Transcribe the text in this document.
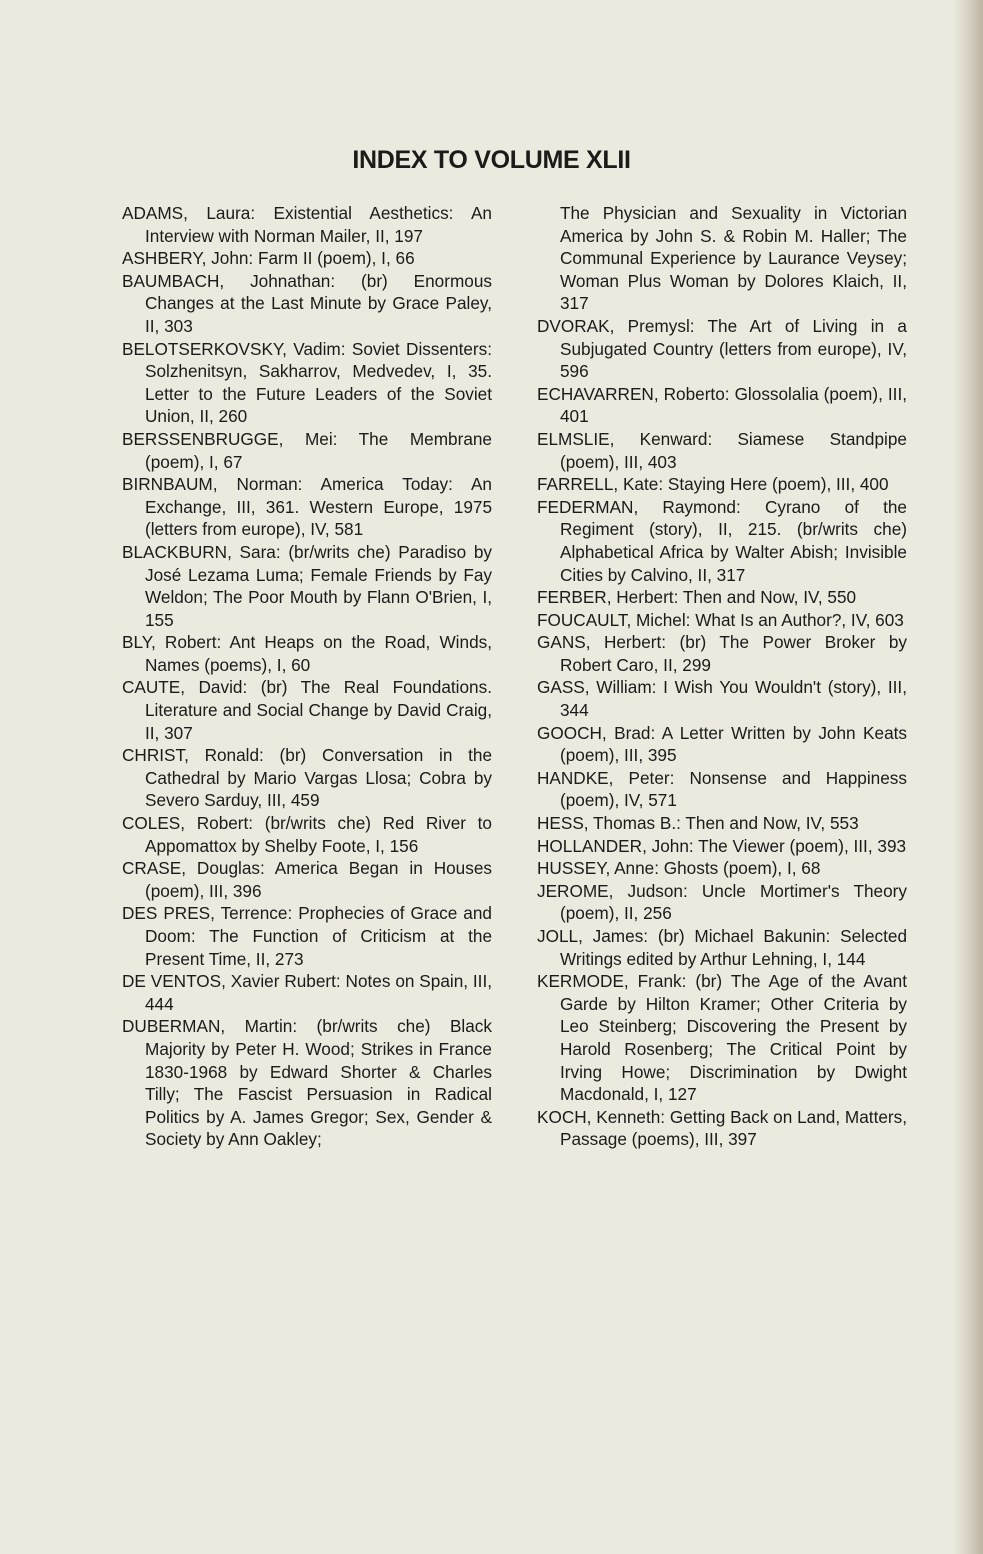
INDEX TO VOLUME XLII
ADAMS, Laura: Existential Aesthetics: An Interview with Norman Mailer, II, 197
ASHBERY, John: Farm II (poem), I, 66
BAUMBACH, Johnathan: (br) Enormous Changes at the Last Minute by Grace Paley, II, 303
BELOTSERKOVSKY, Vadim: Soviet Dissenters: Solzhenitsyn, Sakharrov, Medvedev, I, 35. Letter to the Future Leaders of the Soviet Union, II, 260
BERSSENBRUGGE, Mei: The Membrane (poem), I, 67
BIRNBAUM, Norman: America Today: An Exchange, III, 361. Western Europe, 1975 (letters from europe), IV, 581
BLACKBURN, Sara: (br/writs che) Paradiso by José Lezama Luma; Female Friends by Fay Weldon; The Poor Mouth by Flann O'Brien, I, 155
BLY, Robert: Ant Heaps on the Road, Winds, Names (poems), I, 60
CAUTE, David: (br) The Real Foundations. Literature and Social Change by David Craig, II, 307
CHRIST, Ronald: (br) Conversation in the Cathedral by Mario Vargas Llosa; Cobra by Severo Sarduy, III, 459
COLES, Robert: (br/writs che) Red River to Appomattox by Shelby Foote, I, 156
CRASE, Douglas: America Began in Houses (poem), III, 396
DES PRES, Terrence: Prophecies of Grace and Doom: The Function of Criticism at the Present Time, II, 273
DE VENTOS, Xavier Rubert: Notes on Spain, III, 444
DUBERMAN, Martin: (br/writs che) Black Majority by Peter H. Wood; Strikes in France 1830-1968 by Edward Shorter & Charles Tilly; The Fascist Persuasion in Radical Politics by A. James Gregor; Sex, Gender & Society by Ann Oakley;
The Physician and Sexuality in Victorian America by John S. & Robin M. Haller; The Communal Experience by Laurance Veysey; Woman Plus Woman by Dolores Klaich, II, 317
DVORAK, Premysl: The Art of Living in a Subjugated Country (letters from europe), IV, 596
ECHAVARREN, Roberto: Glossolalia (poem), III, 401
ELMSLIE, Kenward: Siamese Standpipe (poem), III, 403
FARRELL, Kate: Staying Here (poem), III, 400
FEDERMAN, Raymond: Cyrano of the Regiment (story), II, 215. (br/writs che) Alphabetical Africa by Walter Abish; Invisible Cities by Calvino, II, 317
FERBER, Herbert: Then and Now, IV, 550
FOUCAULT, Michel: What Is an Author?, IV, 603
GANS, Herbert: (br) The Power Broker by Robert Caro, II, 299
GASS, William: I Wish You Wouldn't (story), III, 344
GOOCH, Brad: A Letter Written by John Keats (poem), III, 395
HANDKE, Peter: Nonsense and Happiness (poem), IV, 571
HESS, Thomas B.: Then and Now, IV, 553
HOLLANDER, John: The Viewer (poem), III, 393
HUSSEY, Anne: Ghosts (poem), I, 68
JEROME, Judson: Uncle Mortimer's Theory (poem), II, 256
JOLL, James: (br) Michael Bakunin: Selected Writings edited by Arthur Lehning, I, 144
KERMODE, Frank: (br) The Age of the Avant Garde by Hilton Kramer; Other Criteria by Leo Steinberg; Discovering the Present by Harold Rosenberg; The Critical Point by Irving Howe; Discrimination by Dwight Macdonald, I, 127
KOCH, Kenneth: Getting Back on Land, Matters, Passage (poems), III, 397
